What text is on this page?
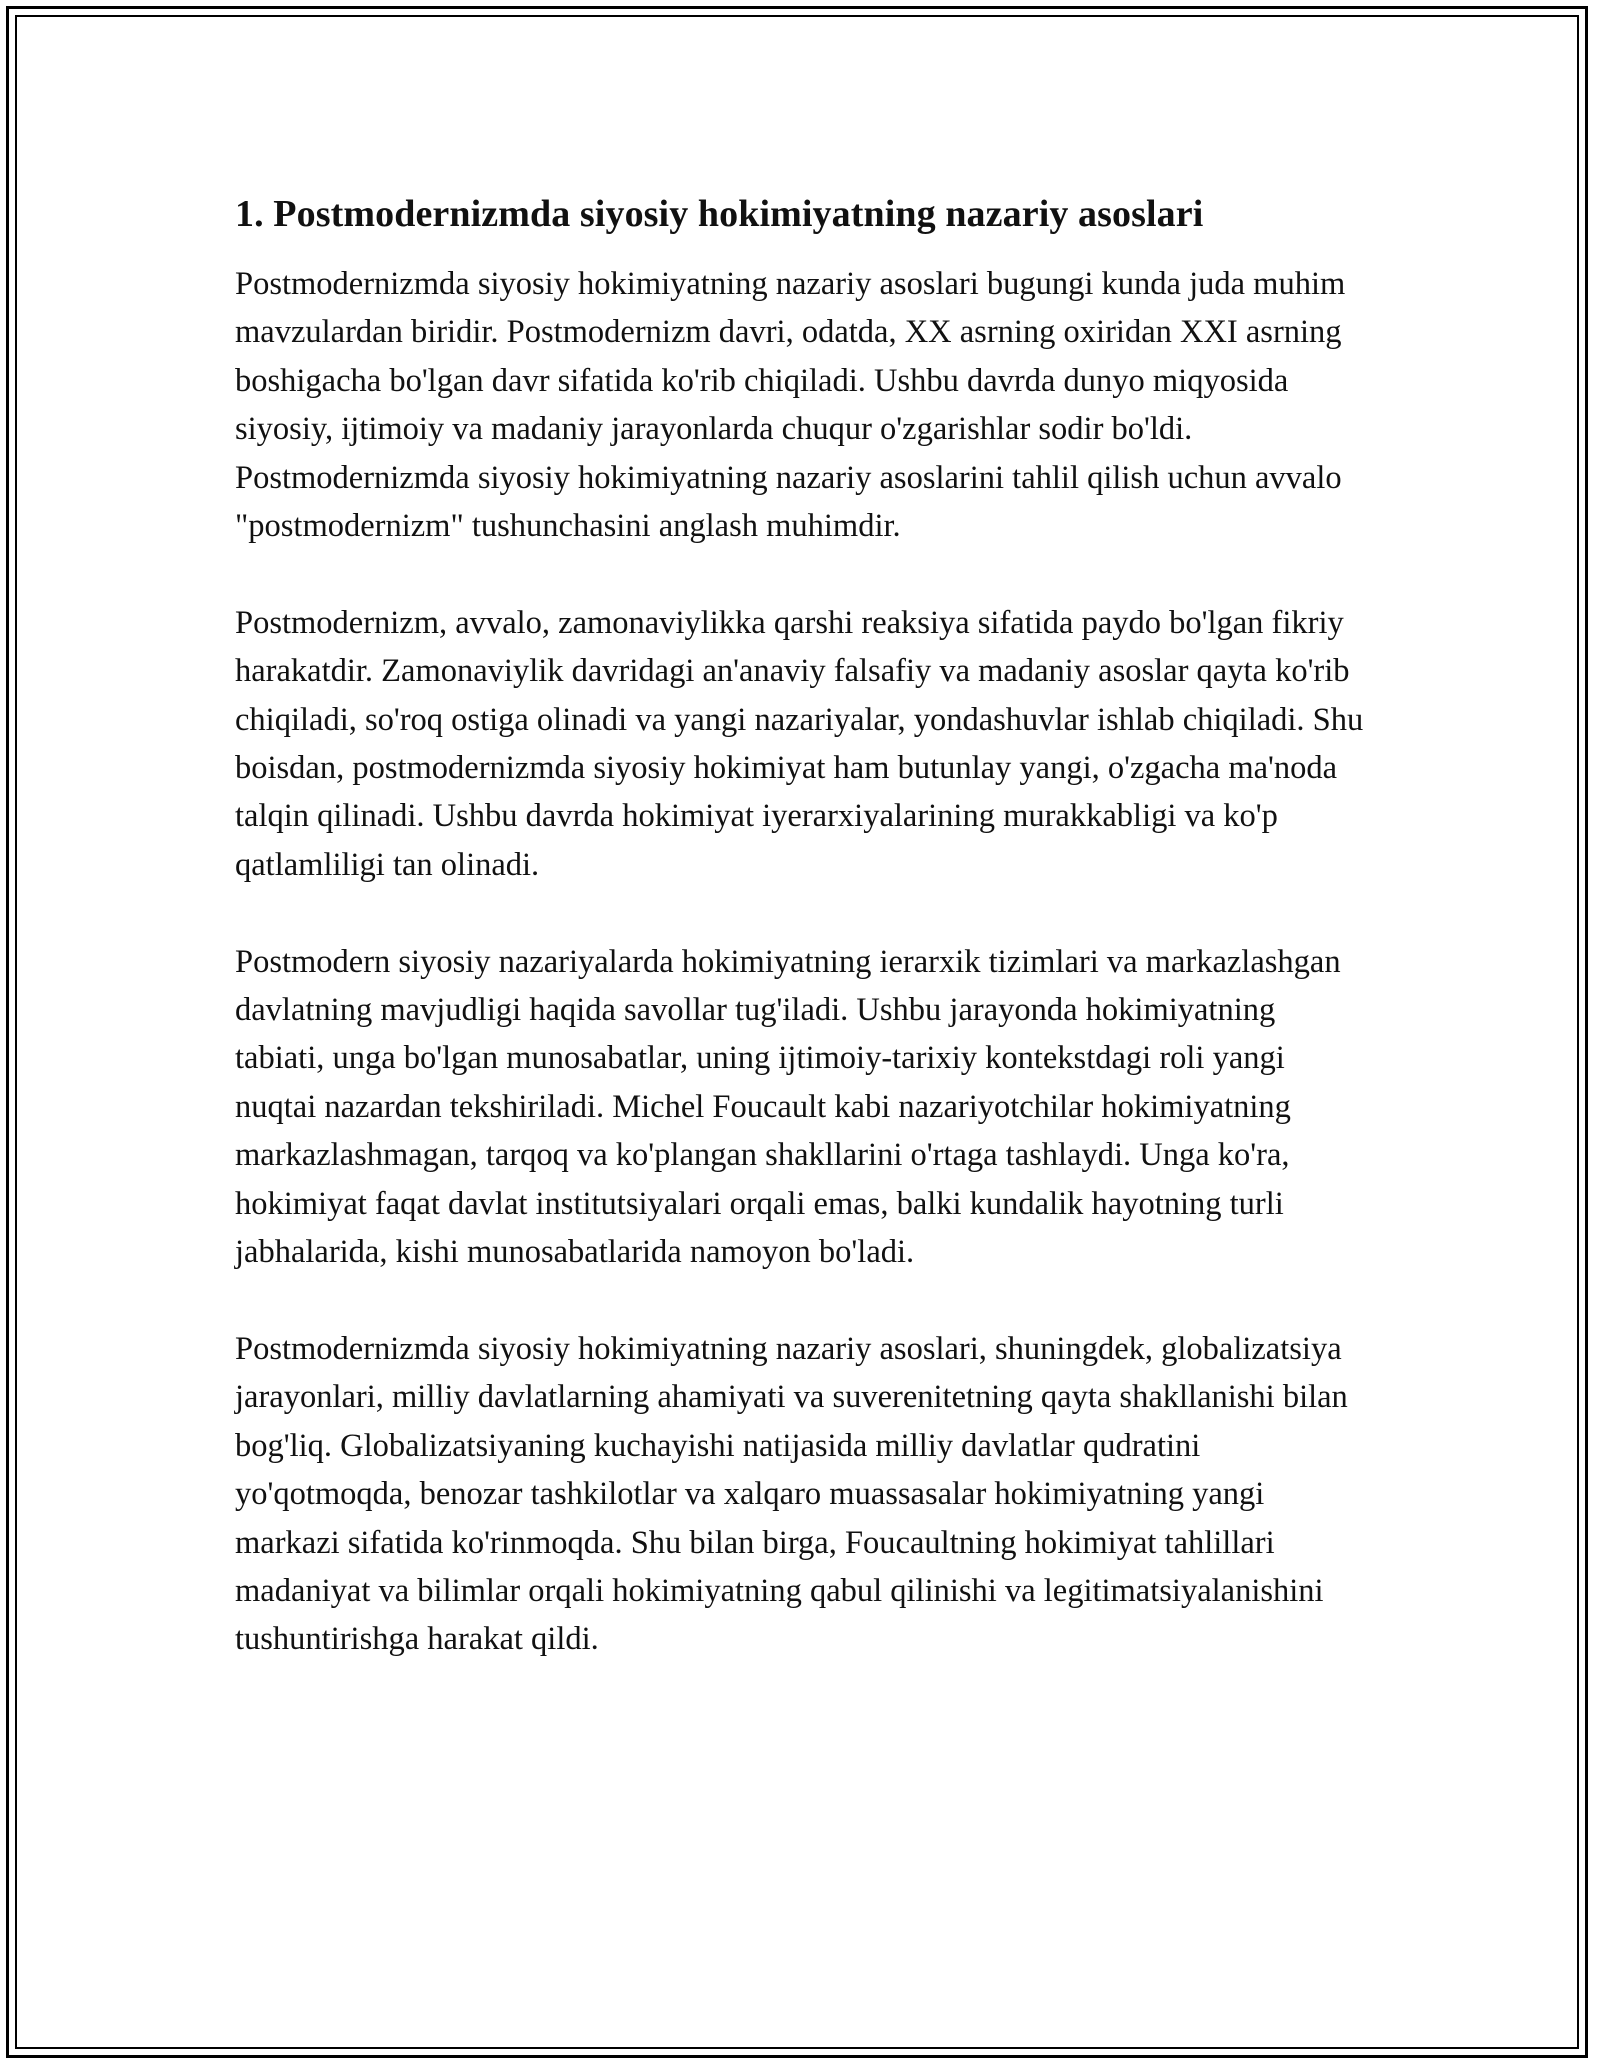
1. Postmodernizmda siyosiy hokimiyatning nazariy asoslari

Postmodernizmda siyosiy hokimiyatning nazariy asoslari bugungi kunda juda muhim mavzulardan biridir. Postmodernizm davri, odatda, XX asrning oxiridan XXI asrning boshigacha bo'lgan davr sifatida ko'rib chiqiladi. Ushbu davrda dunyo miqyosida siyosiy, ijtimoiy va madaniy jarayonlarda chuqur o'zgarishlar sodir bo'ldi. Postmodernizmda siyosiy hokimiyatning nazariy asoslarini tahlil qilish uchun avvalo "postmodernizm" tushunchasini anglash muhimdir.

Postmodernizm, avvalo, zamonaviylikka qarshi reaksiya sifatida paydo bo'lgan fikriy harakatdir. Zamonaviylik davridagi an'anaviy falsafiy va madaniy asoslar qayta ko'rib chiqiladi, so'roq ostiga olinadi va yangi nazariyalar, yondashuvlar ishlab chiqiladi. Shu boisdan, postmodernizmda siyosiy hokimiyat ham butunlay yangi, o'zgacha ma'noda talqin qilinadi. Ushbu davrda hokimiyat iyerarxiyalarining murakkabligi va ko'p qatlamliligi tan olinadi.

Postmodern siyosiy nazariyalarda hokimiyatning ierarxik tizimlari va markazlashgan davlatning mavjudligi haqida savollar tug'iladi. Ushbu jarayonda hokimiyatning tabiati, unga bo'lgan munosabatlar, uning ijtimoiy-tarixiy kontekstdagi roli yangi nuqtai nazardan tekshiriladi. Michel Foucault kabi nazariyotchilar hokimiyatning markazlashmagan, tarqoq va ko'plangan shakllarini o'rtaga tashlaydi. Unga ko'ra, hokimiyat faqat davlat institutsiyalari orqali emas, balki kundalik hayotning turli jabhalarida, kishi munosabatlarida namoyon bo'ladi.

Postmodernizmda siyosiy hokimiyatning nazariy asoslari, shuningdek, globalizatsiya jarayonlari, milliy davlatlarning ahamiyati va suverenitetning qayta shakllanishi bilan bog'liq. Globalizatsiyaning kuchayishi natijasida milliy davlatlar qudratini yo'qotmoqda, benozar tashkilotlar va xalqaro muassasalar hokimiyatning yangi markazi sifatida ko'rinmoqda. Shu bilan birga, Foucaultning hokimiyat tahlillari madaniyat va bilimlar orqali hokimiyatning qabul qilinishi va legitimatsiyalanishini tushuntirishga harakat qildi.
